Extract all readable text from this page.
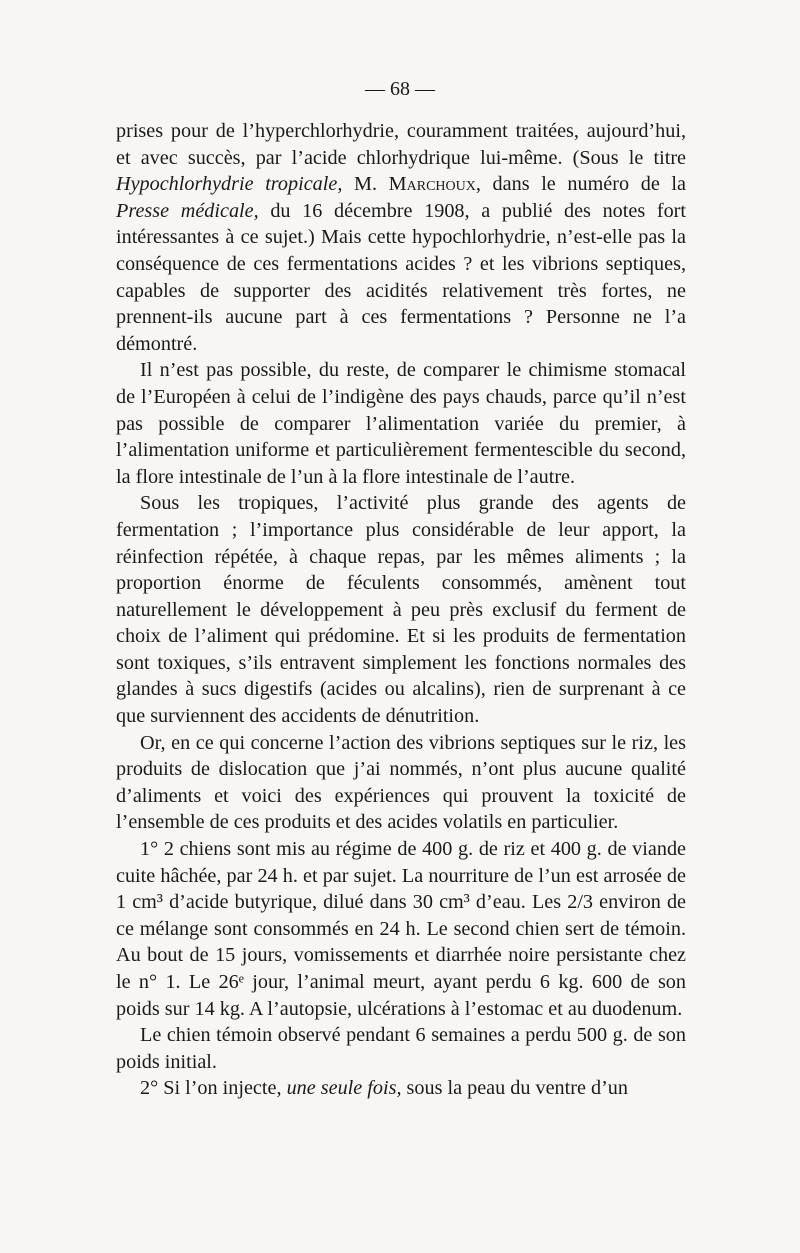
— 68 —

prises pour de l’hyperchlorhydrie, couramment traitées, aujourd’hui, et avec succès, par l’acide chlorhydrique lui-même. (Sous le titre Hypochlorhydrie tropicale, M. Marchoux, dans le numéro de la Presse médicale, du 16 décembre 1908, a publié des notes fort intéressantes à ce sujet.) Mais cette hypochlorhydrie, n’est-elle pas la conséquence de ces fermentations acides ? et les vibrions septiques, capables de supporter des acidités relativement très fortes, ne prennent-ils aucune part à ces fermentations ? Personne ne l’a démontré.

Il n’est pas possible, du reste, de comparer le chimisme stomacal de l’Européen à celui de l’indigène des pays chauds, parce qu’il n’est pas possible de comparer l’alimentation variée du premier, à l’alimentation uniforme et particulièrement fermentescible du second, la flore intestinale de l’un à la flore intestinale de l’autre.

Sous les tropiques, l’activité plus grande des agents de fermentation ; l’importance plus considérable de leur apport, la réinfection répétée, à chaque repas, par les mêmes aliments ; la proportion énorme de féculents consommés, amènent tout naturellement le développement à peu près exclusif du ferment de choix de l’aliment qui prédomine. Et si les produits de fermentation sont toxiques, s’ils entravent simplement les fonctions normales des glandes à sucs digestifs (acides ou alcalins), rien de surprenant à ce que surviennent des accidents de dénutrition.

Or, en ce qui concerne l’action des vibrions septiques sur le riz, les produits de dislocation que j’ai nommés, n’ont plus aucune qualité d’aliments et voici des expériences qui prouvent la toxicité de l’ensemble de ces produits et des acides volatils en particulier.

1° 2 chiens sont mis au régime de 400 g. de riz et 400 g. de viande cuite hâchée, par 24 h. et par sujet. La nourriture de l’un est arrosée de 1 cm³ d’acide butyrique, dilué dans 30 cm³ d’eau. Les 2/3 environ de ce mélange sont consommés en 24 h. Le second chien sert de témoin. Au bout de 15 jours, vomissements et diarrhée noire persistante chez le n° 1. Le 26ᵉ jour, l’animal meurt, ayant perdu 6 kg. 600 de son poids sur 14 kg. A l’autopsie, ulcérations à l’estomac et au duodenum.

Le chien témoin observé pendant 6 semaines a perdu 500 g. de son poids initial.

2° Si l’on injecte, une seule fois, sous la peau du ventre d’un
